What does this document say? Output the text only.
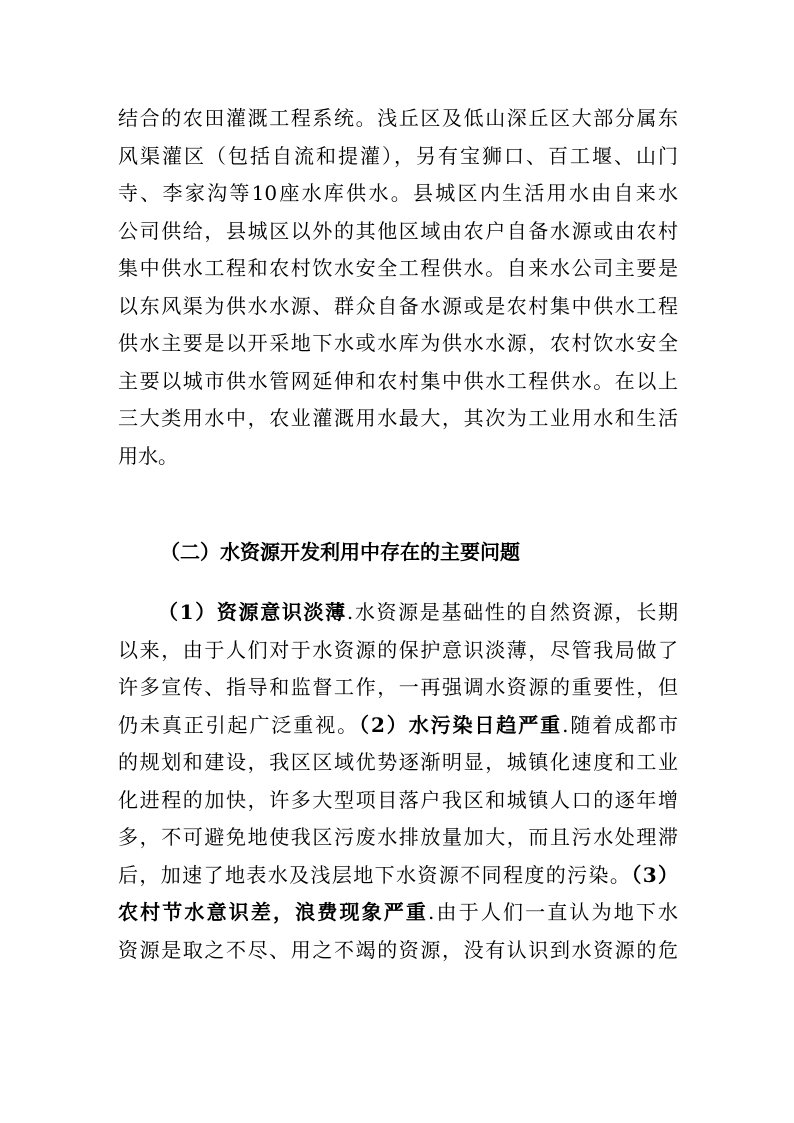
结合的农田灌溉工程系统。浅丘区及低山深丘区大部分属东
风渠灌区（包括自流和提灌），另有宝狮口、百工堰、山门
寺、李家沟等10座水库供水。县城区内生活用水由自来水
公司供给，县城区以外的其他区域由农户自备水源或由农村
集中供水工程和农村饮水安全工程供水。自来水公司主要是
以东风渠为供水水源、群众自备水源或是农村集中供水工程
供水主要是以开采地下水或水库为供水水源，农村饮水安全
主要以城市供水管网延伸和农村集中供水工程供水。在以上
三大类用水中，农业灌溉用水最大，其次为工业用水和生活
用水。
（二）水资源开发利用中存在的主要问题
（1）资源意识淡薄.水资源是基础性的自然资源，长期
以来，由于人们对于水资源的保护意识淡薄，尽管我局做了
许多宣传、指导和监督工作，一再强调水资源的重要性，但
仍未真正引起广泛重视。（2）水污染日趋严重.随着成都市
的规划和建设，我区区域优势逐渐明显，城镇化速度和工业
化进程的加快，许多大型项目落户我区和城镇人口的逐年增
多，不可避免地使我区污废水排放量加大，而且污水处理滞
后，加速了地表水及浅层地下水资源不同程度的污染。（3）
农村节水意识差，浪费现象严重.由于人们一直认为地下水
资源是取之不尽、用之不竭的资源，没有认识到水资源的危
